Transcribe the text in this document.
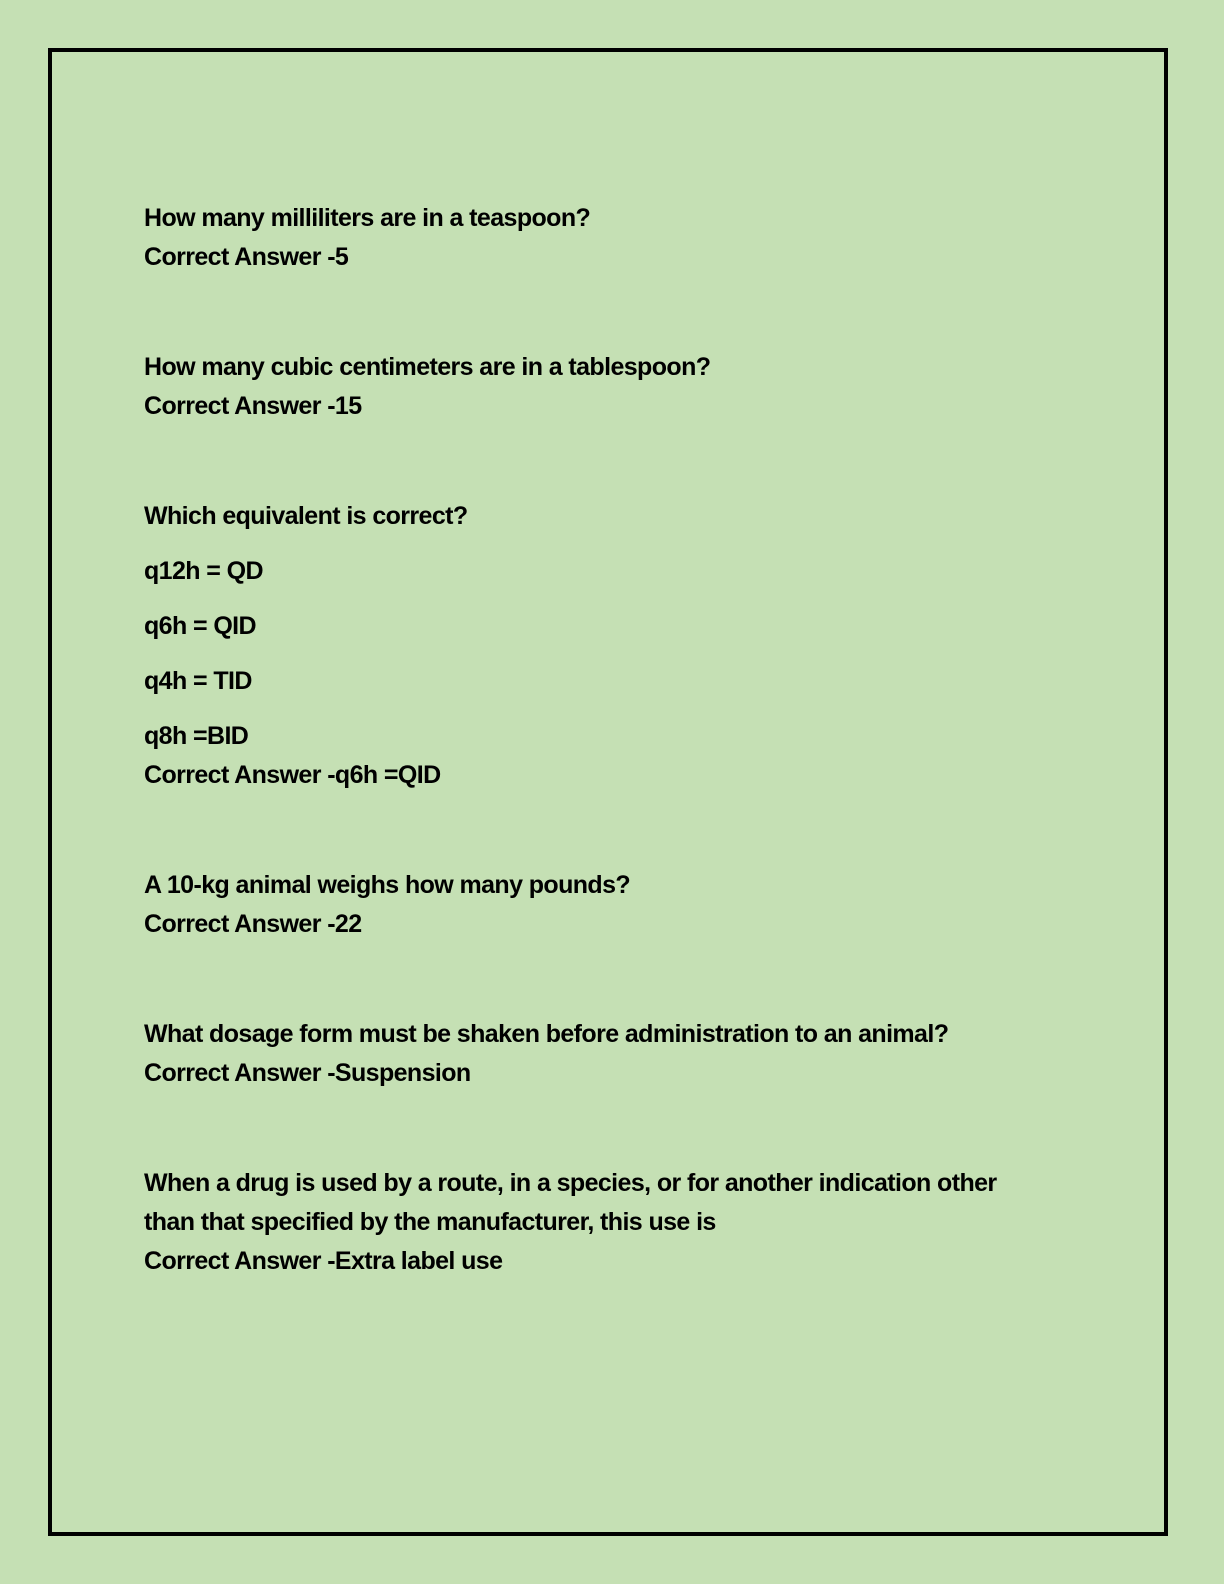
How many milliliters are in a teaspoon?
Correct Answer -5
How many cubic centimeters are in a tablespoon?
Correct Answer -15
Which equivalent is correct?
q12h = QD
q6h = QID
q4h = TID
q8h =BID
Correct Answer -q6h =QID
A 10-kg animal weighs how many pounds?
Correct Answer -22
What dosage form must be shaken before administration to an animal?
Correct Answer -Suspension
When a drug is used by a route, in a species, or for another indication other
than that specified by the manufacturer, this use is
Correct Answer -Extra label use
